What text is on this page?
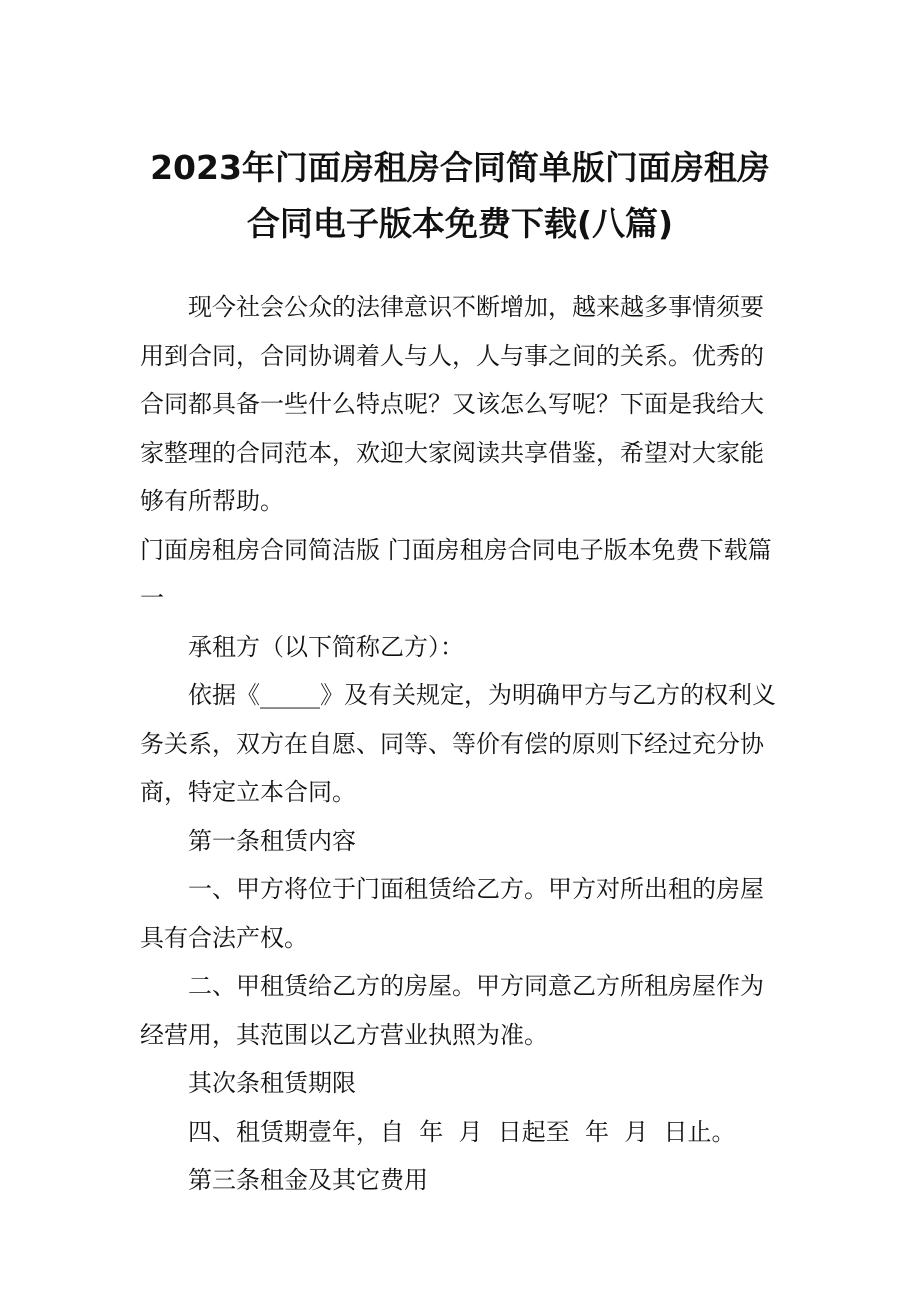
2023年门面房租房合同简单版门面房租房
合同电子版本免费下载(八篇)

现今社会公众的法律意识不断增加，越来越多事情须要用到合同，合同协调着人与人，人与事之间的关系。优秀的合同都具备一些什么特点呢？又该怎么写呢？下面是我给大家整理的合同范本，欢迎大家阅读共享借鉴，希望对大家能够有所帮助。

门面房租房合同简洁版 门面房租房合同电子版本免费下载篇一

承租方（以下简称乙方）：

依据《_____》及有关规定，为明确甲方与乙方的权利义务关系，双方在自愿、同等、等价有偿的原则下经过充分协商，特定立本合同。

第一条租赁内容

一、甲方将位于门面租赁给乙方。甲方对所出租的房屋具有合法产权。

二、甲租赁给乙方的房屋。甲方同意乙方所租房屋作为经营用，其范围以乙方营业执照为准。

其次条租赁期限

四、租赁期壹年，自  年  月  日起至  年  月  日止。

第三条租金及其它费用
